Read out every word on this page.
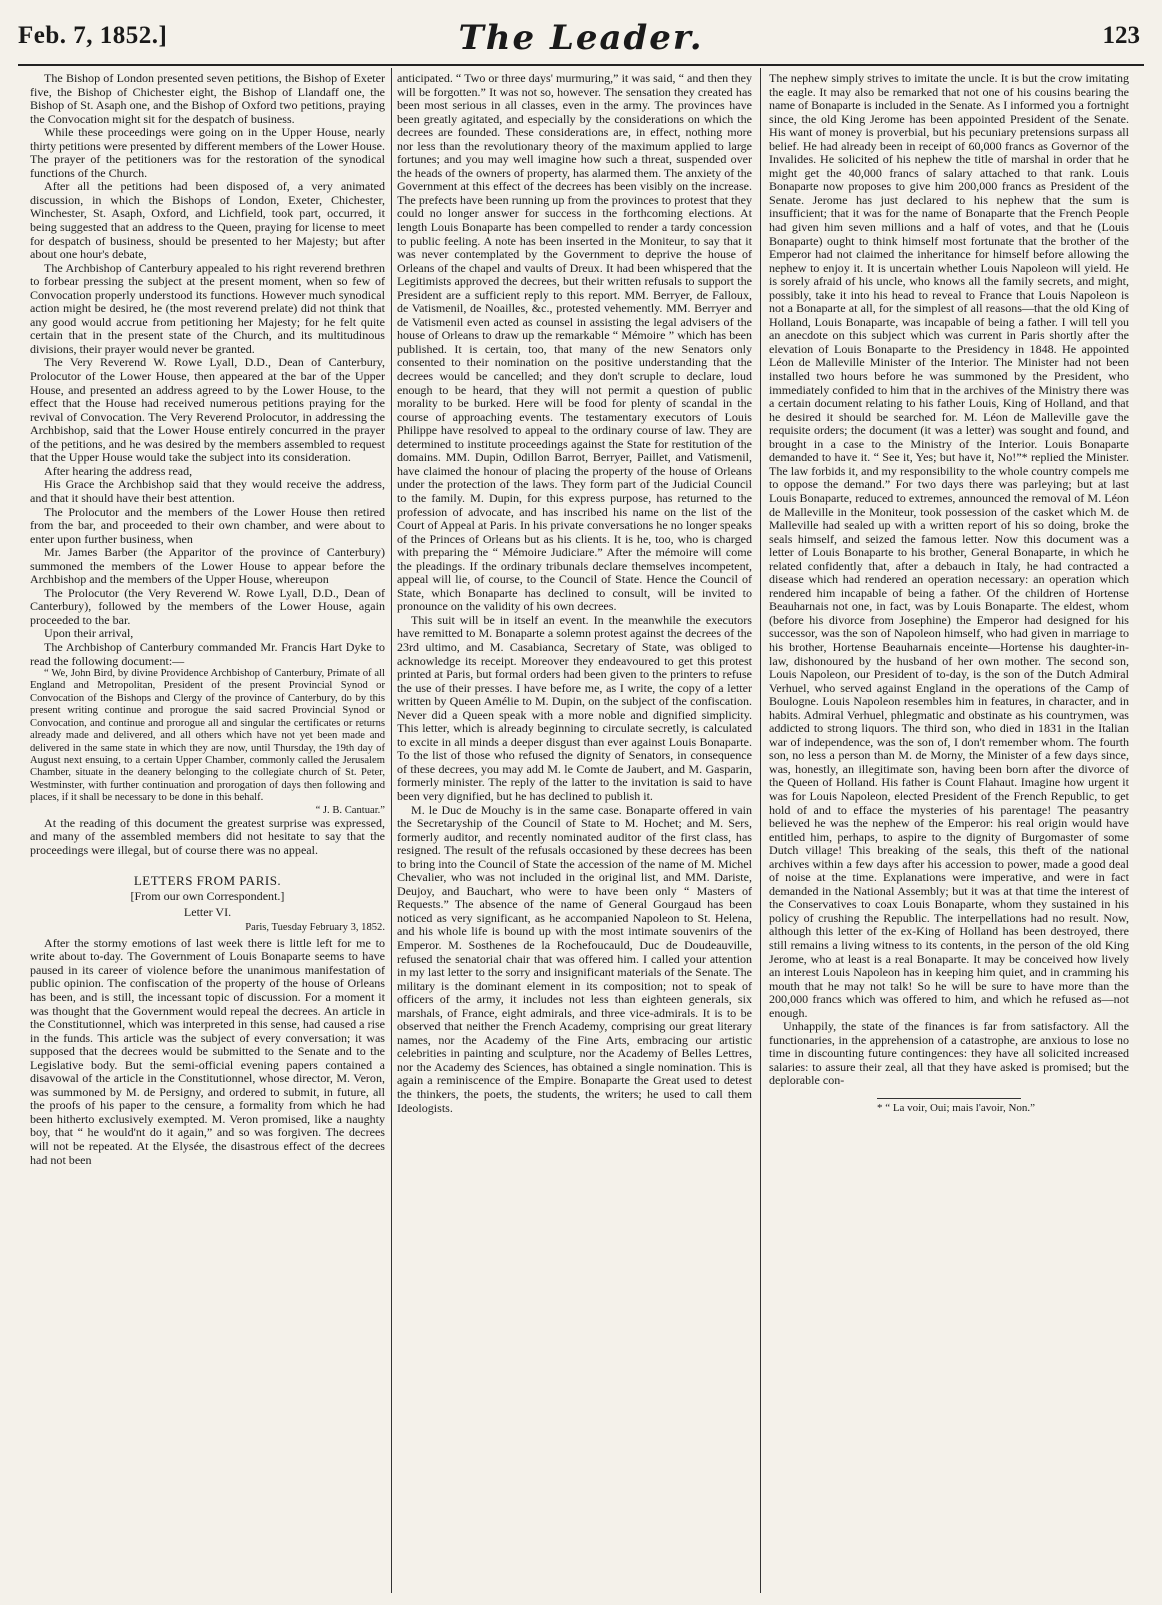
Feb. 7, 1852.]	The Leader.	123

The Bishop of London presented seven petitions, the Bishop of Exeter five, the Bishop of Chichester eight, the Bishop of Llandaff one, the Bishop of St. Asaph one, and the Bishop of Oxford two petitions, praying the Convocation might sit for the despatch of business.

While these proceedings were going on in the Upper House, nearly thirty petitions were presented by different members of the Lower House. The prayer of the petitioners was for the restoration of the synodical functions of the Church.

After all the petitions had been disposed of, a very animated discussion, in which the Bishops of London, Exeter, Chichester, Winchester, St. Asaph, Oxford, and Lichfield, took part, occurred, it being suggested that an address to the Queen, praying for license to meet for despatch of business, should be presented to her Majesty; but after about one hour's debate,

The Archbishop of Canterbury appealed to his right reverend brethren to forbear pressing the subject at the present moment, when so few of Convocation properly understood its functions. However much synodical action might be desired, he (the most reverend prelate) did not think that any good would accrue from petitioning her Majesty; for he felt quite certain that in the present state of the Church, and its multitudinous divisions, their prayer would never be granted.

The Very Reverend W. Rowe Lyall, D.D., Dean of Canterbury, Prolocutor of the Lower House, then appeared at the bar of the Upper House, and presented an address agreed to by the Lower House, to the effect that the House had received numerous petitions praying for the revival of Convocation. The Very Reverend Prolocutor, in addressing the Archbishop, said that the Lower House entirely concurred in the prayer of the petitions, and he was desired by the members assembled to request that the Upper House would take the subject into its consideration.

After hearing the address read,

His Grace the Archbishop said that they would receive the address, and that it should have their best attention.

The Prolocutor and the members of the Lower House then retired from the bar, and proceeded to their own chamber, and were about to enter upon further business, when

Mr. James Barber (the Apparitor of the province of Canterbury) summoned the members of the Lower House to appear before the Archbishop and the members of the Upper House, whereupon

The Prolocutor (the Very Reverend W. Rowe Lyall, D.D., Dean of Canterbury), followed by the members of the Lower House, again proceeded to the bar.

Upon their arrival,

The Archbishop of Canterbury commanded Mr. Francis Hart Dyke to read the following document:—

“ We, John Bird, by divine Providence Archbishop of Canterbury, Primate of all England and Metropolitan, President of the present Provincial Synod or Convocation of the Bishops and Clergy of the province of Canterbury, do by this present writing continue and prorogue the said sacred Provincial Synod or Convocation, and continue and prorogue all and singular the certificates or returns already made and delivered, and all others which have not yet been made and delivered in the same state in which they are now, until Thursday, the 19th day of August next ensuing, to a certain Upper Chamber, commonly called the Jerusalem Chamber, situate in the deanery belonging to the collegiate church of St. Peter, Westminster, with further continuation and prorogation of days then following and places, if it shall be necessary to be done in this behalf.

“ J. B. Cantuar.”

At the reading of this document the greatest surprise was expressed, and many of the assembled members did not hesitate to say that the proceedings were illegal, but of course there was no appeal.

LETTERS FROM PARIS.

[From our own Correspondent.]

Letter VI.

Paris, Tuesday February 3, 1852.

After the stormy emotions of last week there is little left for me to write about to-day. The Government of Louis Bonaparte seems to have paused in its career of violence before the unanimous manifestation of public opinion. The confiscation of the property of the house of Orleans has been, and is still, the incessant topic of discussion. For a moment it was thought that the Government would repeal the decrees. An article in the Constitutionnel, which was interpreted in this sense, had caused a rise in the funds. This article was the subject of every conversation; it was supposed that the decrees would be submitted to the Senate and to the Legislative body. But the semi-official evening papers contained a disavowal of the article in the Constitutionnel, whose director, M. Veron, was summoned by M. de Persigny, and ordered to submit, in future, all the proofs of his paper to the censure, a formality from which he had been hitherto exclusively exempted. M. Veron promised, like a naughty boy, that “ he would'nt do it again,” and so was forgiven. The decrees will not be repeated. At the Elysée, the disastrous effect of the decrees had not been

anticipated. “ Two or three days' murmuring,” it was said, “ and then they will be forgotten.” It was not so, however. The sensation they created has been most serious in all classes, even in the army. The provinces have been greatly agitated, and especially by the considerations on which the decrees are founded. These considerations are, in effect, nothing more nor less than the revolutionary theory of the maximum applied to large fortunes; and you may well imagine how such a threat, suspended over the heads of the owners of property, has alarmed them. The anxiety of the Government at this effect of the decrees has been visibly on the increase. The prefects have been running up from the provinces to protest that they could no longer answer for success in the forthcoming elections. At length Louis Bonaparte has been compelled to render a tardy concession to public feeling. A note has been inserted in the Moniteur, to say that it was never contemplated by the Government to deprive the house of Orleans of the chapel and vaults of Dreux. It had been whispered that the Legitimists approved the decrees, but their written refusals to support the President are a sufficient reply to this report. MM. Berryer, de Falloux, de Vatismenil, de Noailles, &c., protested vehemently. MM. Berryer and de Vatismenil even acted as counsel in assisting the legal advisers of the house of Orleans to draw up the remarkable “ Mémoire ” which has been published. It is certain, too, that many of the new Senators only consented to their nomination on the positive understanding that the decrees would be cancelled; and they don't scruple to declare, loud enough to be heard, that they will not permit a question of public morality to be burked. Here will be food for plenty of scandal in the course of approaching events. The testamentary executors of Louis Philippe have resolved to appeal to the ordinary course of law. They are determined to institute proceedings against the State for restitution of the domains. MM. Dupin, Odillon Barrot, Berryer, Paillet, and Vatismenil, have claimed the honour of placing the property of the house of Orleans under the protection of the laws. They form part of the Judicial Council to the family. M. Dupin, for this express purpose, has returned to the profession of advocate, and has inscribed his name on the list of the Court of Appeal at Paris. In his private conversations he no longer speaks of the Princes of Orleans but as his clients. It is he, too, who is charged with preparing the “ Mémoire Judiciare.” After the mémoire will come the pleadings. If the ordinary tribunals declare themselves incompetent, appeal will lie, of course, to the Council of State. Hence the Council of State, which Bonaparte has declined to consult, will be invited to pronounce on the validity of his own decrees.

This suit will be in itself an event. In the meanwhile the executors have remitted to M. Bonaparte a solemn protest against the decrees of the 23rd ultimo, and M. Casabianca, Secretary of State, was obliged to acknowledge its receipt. Moreover they endeavoured to get this protest printed at Paris, but formal orders had been given to the printers to refuse the use of their presses. I have before me, as I write, the copy of a letter written by Queen Amélie to M. Dupin, on the subject of the confiscation. Never did a Queen speak with a more noble and dignified simplicity. This letter, which is already beginning to circulate secretly, is calculated to excite in all minds a deeper disgust than ever against Louis Bonaparte. To the list of those who refused the dignity of Senators, in consequence of these decrees, you may add M. le Comte de Jaubert, and M. Gasparin, formerly minister. The reply of the latter to the invitation is said to have been very dignified, but he has declined to publish it.

M. le Duc de Mouchy is in the same case. Bonaparte offered in vain the Secretaryship of the Council of State to M. Hochet; and M. Sers, formerly auditor, and recently nominated auditor of the first class, has resigned. The result of the refusals occasioned by these decrees has been to bring into the Council of State the accession of the name of M. Michel Chevalier, who was not included in the original list, and MM. Dariste, Deujoy, and Bauchart, who were to have been only “ Masters of Requests.” The absence of the name of General Gourgaud has been noticed as very significant, as he accompanied Napoleon to St. Helena, and his whole life is bound up with the most intimate souvenirs of the Emperor. M. Sosthenes de la Rochefoucauld, Duc de Doudeauville, refused the senatorial chair that was offered him. I called your attention in my last letter to the sorry and insignificant materials of the Senate. The military is the dominant element in its composition; not to speak of officers of the army, it includes not less than eighteen generals, six marshals, of France, eight admirals, and three vice-admirals. It is to be observed that neither the French Academy, comprising our great literary names, nor the Academy of the Fine Arts, embracing our artistic celebrities in painting and sculpture, nor the Academy of Belles Lettres, nor the Academy des Sciences, has obtained a single nomination. This is again a reminiscence of the Empire. Bonaparte the Great used to detest the thinkers, the poets, the students, the writers; he used to call them Ideologists.

The nephew simply strives to imitate the uncle. It is but the crow imitating the eagle. It may also be remarked that not one of his cousins bearing the name of Bonaparte is included in the Senate. As I informed you a fortnight since, the old King Jerome has been appointed President of the Senate. His want of money is proverbial, but his pecuniary pretensions surpass all belief. He had already been in receipt of 60,000 francs as Governor of the Invalides. He solicited of his nephew the title of marshal in order that he might get the 40,000 francs of salary attached to that rank. Louis Bonaparte now proposes to give him 200,000 francs as President of the Senate. Jerome has just declared to his nephew that the sum is insufficient; that it was for the name of Bonaparte that the French People had given him seven millions and a half of votes, and that he (Louis Bonaparte) ought to think himself most fortunate that the brother of the Emperor had not claimed the inheritance for himself before allowing the nephew to enjoy it. It is uncertain whether Louis Napoleon will yield. He is sorely afraid of his uncle, who knows all the family secrets, and might, possibly, take it into his head to reveal to France that Louis Napoleon is not a Bonaparte at all, for the simplest of all reasons—that the old King of Holland, Louis Bonaparte, was incapable of being a father. I will tell you an anecdote on this subject which was current in Paris shortly after the elevation of Louis Bonaparte to the Presidency in 1848. He appointed Léon de Malleville Minister of the Interior. The Minister had not been installed two hours before he was summoned by the President, who immediately confided to him that in the archives of the Ministry there was a certain document relating to his father Louis, King of Holland, and that he desired it should be searched for. M. Léon de Malleville gave the requisite orders; the document (it was a letter) was sought and found, and brought in a case to the Ministry of the Interior. Louis Bonaparte demanded to have it. “ See it, Yes; but have it, No!”* replied the Minister. The law forbids it, and my responsibility to the whole country compels me to oppose the demand.” For two days there was parleying; but at last Louis Bonaparte, reduced to extremes, announced the removal of M. Léon de Malleville in the Moniteur, took possession of the casket which M. de Malleville had sealed up with a written report of his so doing, broke the seals himself, and seized the famous letter. Now this document was a letter of Louis Bonaparte to his brother, General Bonaparte, in which he related confidently that, after a debauch in Italy, he had contracted a disease which had rendered an operation necessary: an operation which rendered him incapable of being a father. Of the children of Hortense Beauharnais not one, in fact, was by Louis Bonaparte. The eldest, whom (before his divorce from Josephine) the Emperor had designed for his successor, was the son of Napoleon himself, who had given in marriage to his brother, Hortense Beauharnais enceinte—Hortense his daughter-in-law, dishonoured by the husband of her own mother. The second son, Louis Napoleon, our President of to-day, is the son of the Dutch Admiral Verhuel, who served against England in the operations of the Camp of Boulogne. Louis Napoleon resembles him in features, in character, and in habits. Admiral Verhuel, phlegmatic and obstinate as his countrymen, was addicted to strong liquors. The third son, who died in 1831 in the Italian war of independence, was the son of, I don't remember whom. The fourth son, no less a person than M. de Morny, the Minister of a few days since, was, honestly, an illegitimate son, having been born after the divorce of the Queen of Holland. His father is Count Flahaut. Imagine how urgent it was for Louis Napoleon, elected President of the French Republic, to get hold of and to efface the mysteries of his parentage! The peasantry believed he was the nephew of the Emperor: his real origin would have entitled him, perhaps, to aspire to the dignity of Burgomaster of some Dutch village! This breaking of the seals, this theft of the national archives within a few days after his accession to power, made a good deal of noise at the time. Explanations were imperative, and were in fact demanded in the National Assembly; but it was at that time the interest of the Conservatives to coax Louis Bonaparte, whom they sustained in his policy of crushing the Republic. The interpellations had no result. Now, although this letter of the ex-King of Holland has been destroyed, there still remains a living witness to its contents, in the person of the old King Jerome, who at least is a real Bonaparte. It may be conceived how lively an interest Louis Napoleon has in keeping him quiet, and in cramming his mouth that he may not talk! So he will be sure to have more than the 200,000 francs which was offered to him, and which he refused as—not enough.

Unhappily, the state of the finances is far from satisfactory. All the functionaries, in the apprehension of a catastrophe, are anxious to lose no time in discounting future contingences: they have all solicited increased salaries: to assure their zeal, all that they have asked is promised; but the deplorable con-

* “ La voir, Oui; mais l'avoir, Non.”
